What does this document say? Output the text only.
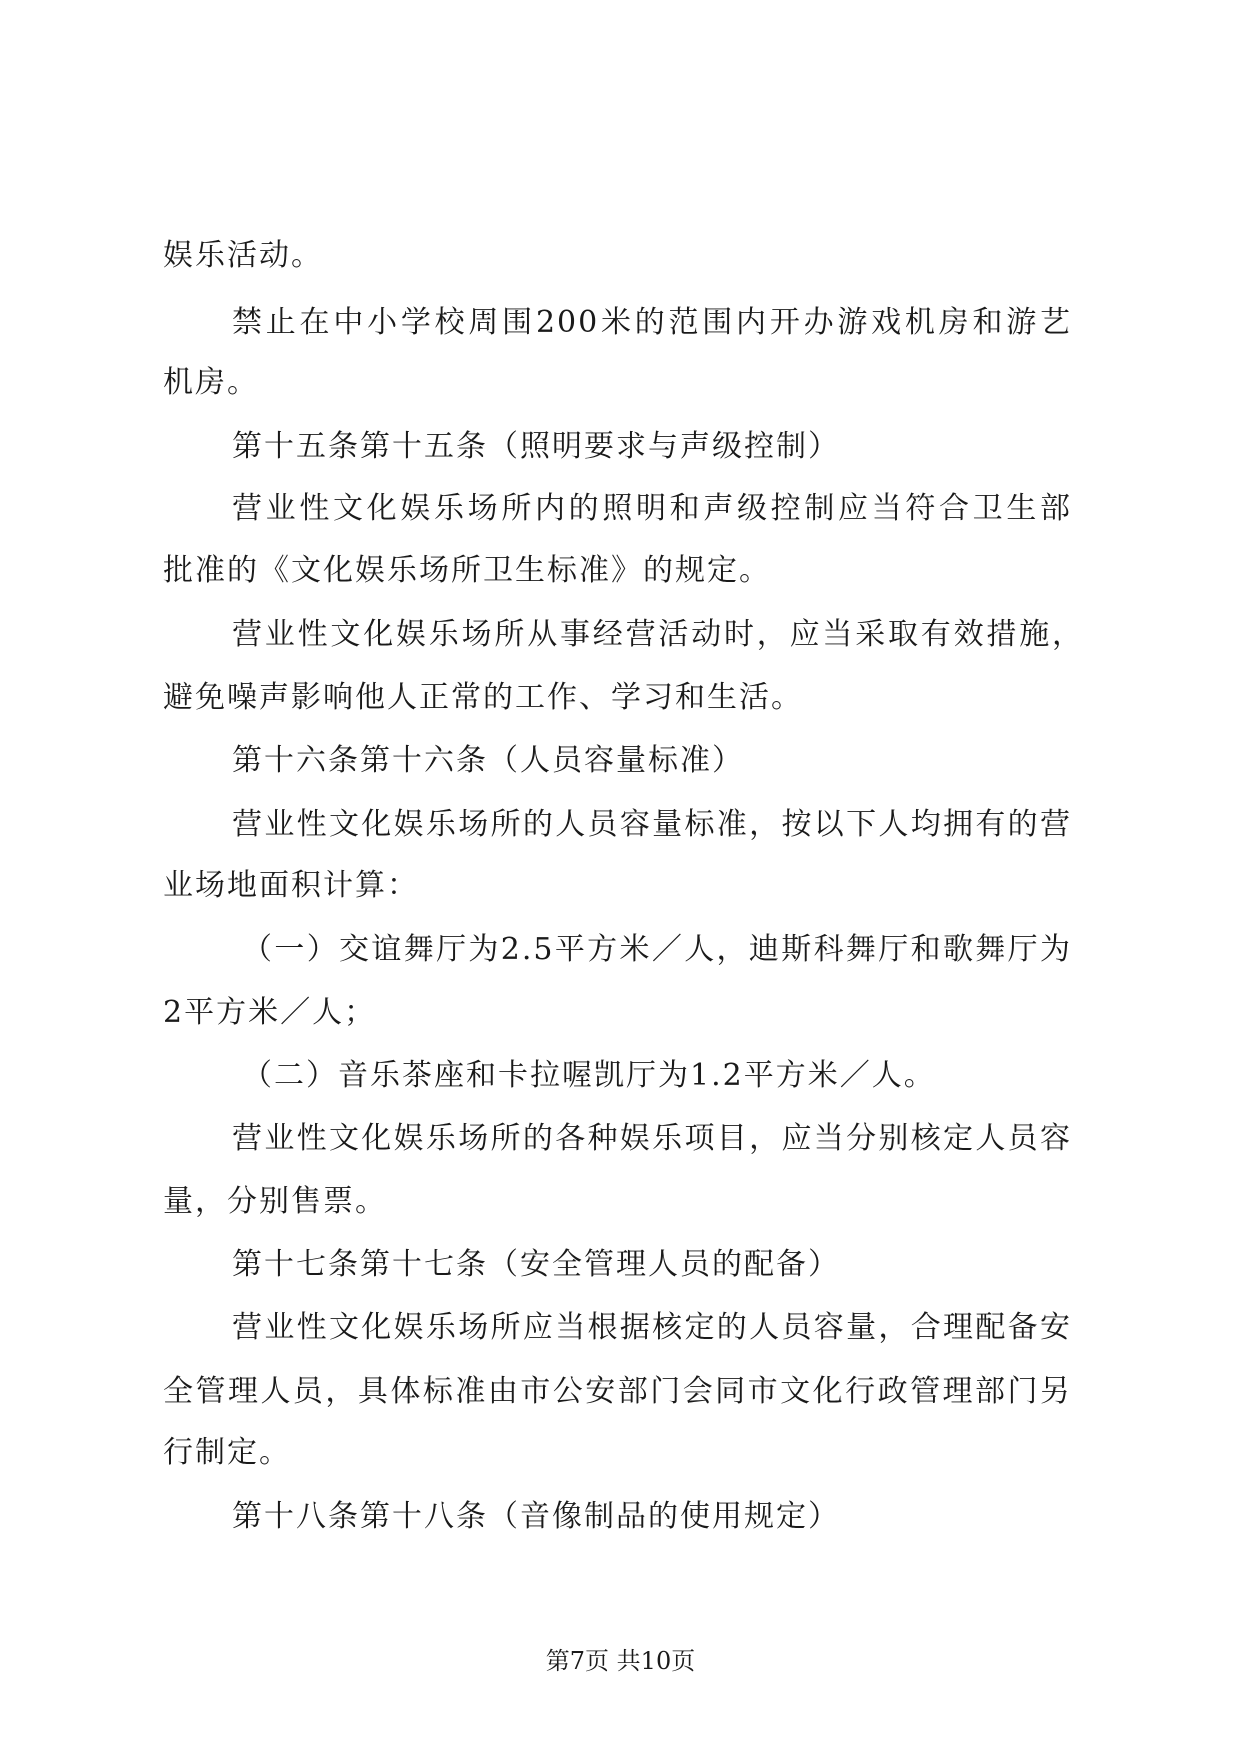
娱乐活动。
禁止在中小学校周围200米的范围内开办游戏机房和游艺
机房。
第十五条第十五条（照明要求与声级控制）
营业性文化娱乐场所内的照明和声级控制应当符合卫生部
批准的《文化娱乐场所卫生标准》的规定。
营业性文化娱乐场所从事经营活动时，应当采取有效措施，
避免噪声影响他人正常的工作、学习和生活。
第十六条第十六条（人员容量标准）
营业性文化娱乐场所的人员容量标准，按以下人均拥有的营
业场地面积计算：
（一）交谊舞厅为2.5平方米／人，迪斯科舞厅和歌舞厅为
2平方米／人；
（二）音乐茶座和卡拉喔凯厅为1.2平方米／人。
营业性文化娱乐场所的各种娱乐项目，应当分别核定人员容
量，分别售票。
第十七条第十七条（安全管理人员的配备）
营业性文化娱乐场所应当根据核定的人员容量，合理配备安
全管理人员，具体标准由市公安部门会同市文化行政管理部门另
行制定。
第十八条第十八条（音像制品的使用规定）
第7页 共10页
